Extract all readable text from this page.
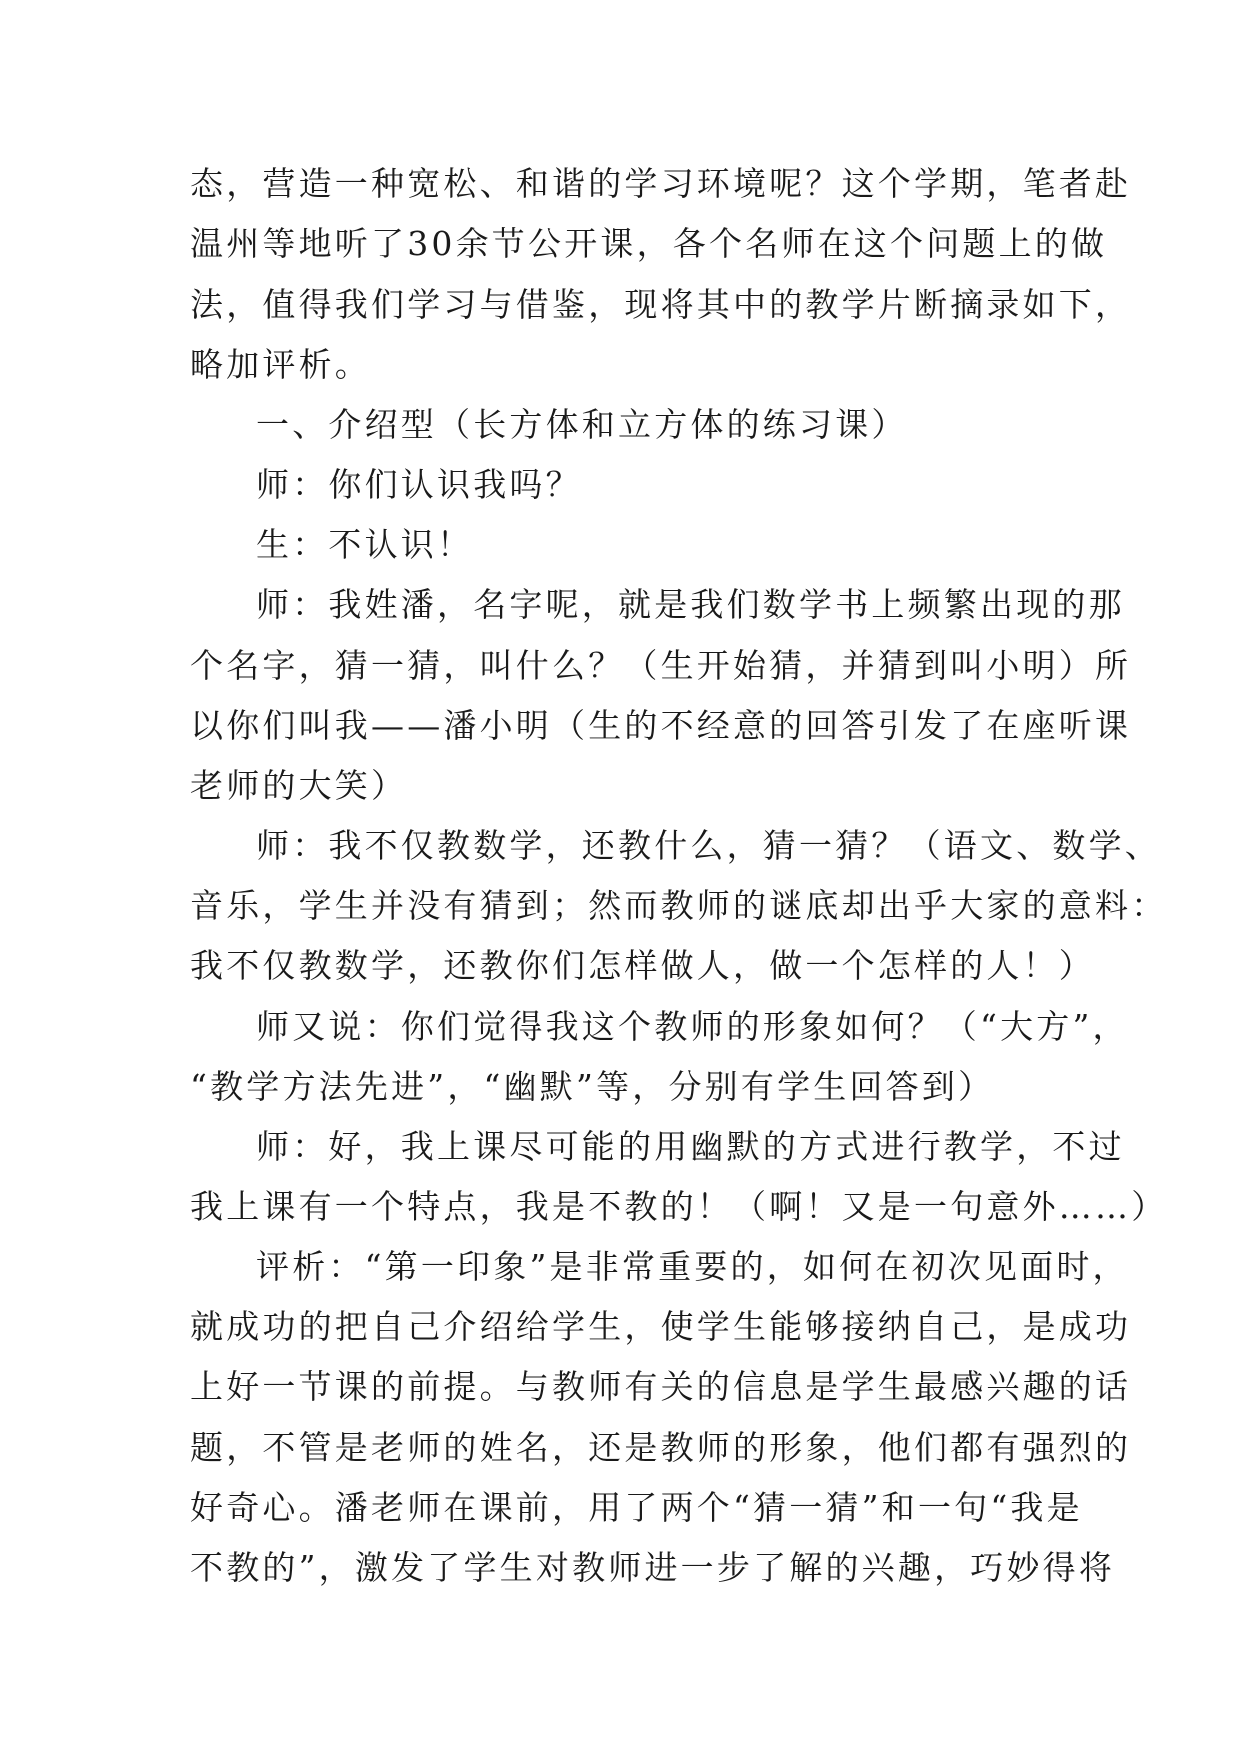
态，营造一种宽松、和谐的学习环境呢？这个学期，笔者赴
温州等地听了30余节公开课，各个名师在这个问题上的做
法，值得我们学习与借鉴，现将其中的教学片断摘录如下，
略加评析。
一、介绍型（长方体和立方体的练习课）
师：你们认识我吗？
生：不认识！
师：我姓潘，名字呢，就是我们数学书上频繁出现的那
个名字，猜一猜，叫什么？（生开始猜，并猜到叫小明）所
以你们叫我——潘小明（生的不经意的回答引发了在座听课
老师的大笑）
师：我不仅教数学，还教什么，猜一猜？（语文、数学、
音乐，学生并没有猜到；然而教师的谜底却出乎大家的意料：
我不仅教数学，还教你们怎样做人，做一个怎样的人！）
师又说：你们觉得我这个教师的形象如何？（“大方”，
“教学方法先进”，“幽默”等，分别有学生回答到）
师：好，我上课尽可能的用幽默的方式进行教学，不过
我上课有一个特点，我是不教的！（啊！又是一句意外……）
评析：“第一印象”是非常重要的，如何在初次见面时，
就成功的把自己介绍给学生，使学生能够接纳自己，是成功
上好一节课的前提。与教师有关的信息是学生最感兴趣的话
题，不管是老师的姓名，还是教师的形象，他们都有强烈的
好奇心。潘老师在课前，用了两个“猜一猜”和一句“我是
不教的”，激发了学生对教师进一步了解的兴趣，巧妙得将
